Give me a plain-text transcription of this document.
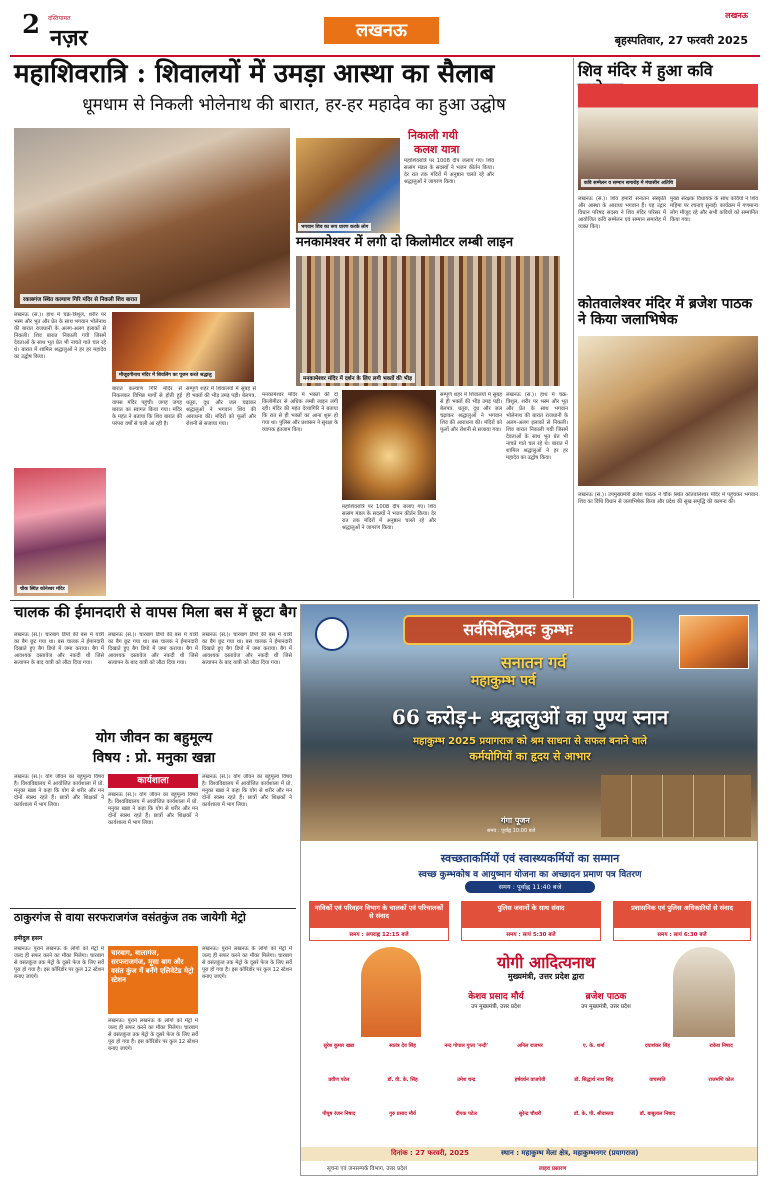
2 दस्तियामत
नज़र	लखनऊ
लखनऊ
बृहस्पतिवार, 27 फरवरी 2025
महाशिवरात्रि : शिवालयों में उमड़ा आस्था का सैलाब
धूमधाम से निकली भोलेनाथ की बारात, हर-हर महादेव का हुआ उद्घोष
रकाबगंज स्थित कल्याण गिरि मंदिर से निकली शिव बारात
भगवान शिव का रूप धारण करके लोग
निकाली गयी
कलश यात्रा
महाशिवरात्रि पर 1008 दीप जलाए गए। शिव सत्संग मंडल के सदस्यों ने भजन कीर्तन किया। देर रात तक मंदिरों में अनुष्ठान चलते रहे और श्रद्धालुओं ने जागरण किया।
मनकामेश्वर में लगी दो किलोमीटर लम्बी लाइन
मनकामेश्वर मंदिर में दर्शन के लिए लगी भक्तों की भीड़
लखनऊ (सं.)। हाथ में चक्र-त्रिशूल, शरीर पर भस्म और भूत और प्रेत के साथ भगवान भोलेनाथ की बारात राजधानी के अलग-अलग इलाकों से निकली। शिव बारात निकाली गयी जिसमें देवताओं के साथ भूत प्रेत भी नाचते गाते चल रहे थे। बारात में शामिल श्रद्धालुओं ने हर हर महादेव का उद्घोष किया।
मौजूदगीनाथ मंदिर में शिवलिंग का पूजन करते श्रद्धालु
बारात कल्याण गिरि मंदिर से निकलकर विभिन्न मार्गों से होती हुई वापस मंदिर पहुंची। जगह जगह बारात का स्वागत किया गया। मंदिर के महंत ने बताया कि शिव बारात की परंपरा वर्षों से चली आ रही है।
सम्पूर्ण शहर में शिवालयों में सुबह से ही भक्तों की भीड़ उमड़ पड़ी। बेलपत्र, धतूरा, दूध और जल चढ़ाकर श्रद्धालुओं ने भगवान शिव की आराधना की। मंदिरों को फूलों और रोशनी से सजाया गया।
चौक स्थित कोनेश्वर मंदिर
मनकामेश्वर मंदिर में भक्तों की दो किलोमीटर से अधिक लम्बी लाइन लगी रही। मंदिर की महंत देव्यागिरि ने बताया कि रात से ही भक्तों का आना शुरू हो गया था। पुलिस और प्रशासन ने सुरक्षा के व्यापक इंतजाम किए।
महाशिवरात्रि पर 1008 दीप जलाए गए। शिव सत्संग मंडल के सदस्यों ने भजन कीर्तन किया। देर रात तक मंदिरों में अनुष्ठान चलते रहे और श्रद्धालुओं ने जागरण किया।
सम्पूर्ण शहर में शिवालयों में सुबह से ही भक्तों की भीड़ उमड़ पड़ी। बेलपत्र, धतूरा, दूध और जल चढ़ाकर श्रद्धालुओं ने भगवान शिव की आराधना की। मंदिरों को फूलों और रोशनी से सजाया गया।
लखनऊ (सं.)। हाथ में चक्र-त्रिशूल, शरीर पर भस्म और भूत और प्रेत के साथ भगवान भोलेनाथ की बारात राजधानी के अलग-अलग इलाकों से निकली। शिव बारात निकाली गयी जिसमें देवताओं के साथ भूत प्रेत भी नाचते गाते चल रहे थे। बारात में शामिल श्रद्धालुओं ने हर हर महादेव का उद्घोष किया।
शिव मंदिर में हुआ कवि
कवि सम्मेलन व सम्मान समारोह में मंचासीन अतिथि
लखनऊ (सं.)। शिव हमारी सनातन संस्कृति और आस्था के आराध्य भगवान हैं। यह उद्गार विधान परिषद सदस्य ने शिव मंदिर परिसर में आयोजित कवि सम्मेलन एवं सम्मान समारोह में व्यक्त किए।
मुख्य संरक्षक विधायक के साथ कवियों ने शिव महिमा पर रचनाएं सुनाईं। कार्यक्रम में गणमान्य लोग मौजूद रहे और सभी कवियों को सम्मानित किया गया।
कोतवालेश्वर मंदिर में ब्रजेश पाठक ने किया जलाभिषेक
लखनऊ (सं.)। उपमुख्यमंत्री ब्रजेश पाठक ने चौक स्थित कोतवालेश्वर मंदिर में पहुंचकर भगवान शिव का विधि विधान से जलाभिषेक किया और प्रदेश की सुख समृद्धि की कामना की।
चालक की ईमानदारी से वापस मिला बस में छूटा बैग
लखनऊ (सं.)। चारबाग डिपो की बस में यात्री का बैग छूट गया था। बस चालक ने ईमानदारी दिखाते हुए बैग डिपो में जमा कराया। बैग में आवश्यक दस्तावेज और नकदी थी जिसे सत्यापन के बाद यात्री को लौटा दिया गया।
लखनऊ (सं.)। चारबाग डिपो की बस में यात्री का बैग छूट गया था। बस चालक ने ईमानदारी दिखाते हुए बैग डिपो में जमा कराया। बैग में आवश्यक दस्तावेज और नकदी थी जिसे सत्यापन के बाद यात्री को लौटा दिया गया।
लखनऊ (सं.)। चारबाग डिपो की बस में यात्री का बैग छूट गया था। बस चालक ने ईमानदारी दिखाते हुए बैग डिपो में जमा कराया। बैग में आवश्यक दस्तावेज और नकदी थी जिसे सत्यापन के बाद यात्री को लौटा दिया गया।
योग जीवन का बहुमूल्य
विषय : प्रो. मनुका खन्ना
लखनऊ (सं.)। योग जीवन का बहुमूल्य विषय है। विश्वविद्यालय में आयोजित कार्यशाला में प्रो. मनुका खन्ना ने कहा कि योग से शरीर और मन दोनों स्वस्थ रहते हैं। छात्रों और शिक्षकों ने कार्यशाला में भाग लिया।
कार्यशाला
लखनऊ (सं.)। योग जीवन का बहुमूल्य विषय है। विश्वविद्यालय में आयोजित कार्यशाला में प्रो. मनुका खन्ना ने कहा कि योग से शरीर और मन दोनों स्वस्थ रहते हैं। छात्रों और शिक्षकों ने कार्यशाला में भाग लिया।
लखनऊ (सं.)। योग जीवन का बहुमूल्य विषय है। विश्वविद्यालय में आयोजित कार्यशाला में प्रो. मनुका खन्ना ने कहा कि योग से शरीर और मन दोनों स्वस्थ रहते हैं। छात्रों और शिक्षकों ने कार्यशाला में भाग लिया।
ठाकुरगंज से वाया सरफराजगंज वसंतकुंज तक जायेगी मेट्रो
हमीदुल हसन
लखनऊ। पुराने लखनऊ के लोगों को मेट्रो में जल्द ही सफर करने का मौका मिलेगा। चारबाग से वसंतकुंज तक मेट्रो के दूसरे फेज के लिए सर्वे पूरा हो गया है। इस कॉरिडोर पर कुल 12 स्टेशन बनाए जाएंगे।
चारबाग, बालागंज, सरफराजगंज, मूसा बाग और वसंत कुंज में बनेंगे एलिवेटेड मेट्रो स्टेशन
लखनऊ। पुराने लखनऊ के लोगों को मेट्रो में जल्द ही सफर करने का मौका मिलेगा। चारबाग से वसंतकुंज तक मेट्रो के दूसरे फेज के लिए सर्वे पूरा हो गया है। इस कॉरिडोर पर कुल 12 स्टेशन बनाए जाएंगे।
लखनऊ। पुराने लखनऊ के लोगों को मेट्रो में जल्द ही सफर करने का मौका मिलेगा। चारबाग से वसंतकुंज तक मेट्रो के दूसरे फेज के लिए सर्वे पूरा हो गया है। इस कॉरिडोर पर कुल 12 स्टेशन बनाए जाएंगे।
सर्वसिद्धिप्रदः कुम्भः
सनातन गर्व
महाकुम्भ पर्व
66 करोड़+ श्रद्धालुओं का पुण्य स्नान
महाकुम्भ 2025 प्रयागराज को श्रम साधना से सफल बनाने वाले
कर्मयोगियों का हृदय से आभार
गंगा पूजन
समय : पूर्वाह्न 10:00 बजे
स्वच्छताकर्मियों एवं स्वास्थ्यकर्मियों का सम्मान
स्वच्छ कुम्भकोष व आयुष्मान योजना का अच्छादन प्रमाण पत्र वितरण
समय : पूर्वाह्न 11:40 बजे
नाविकों एवं परिवहन विभाग के चालकों एवं परिचालकों से संवाद
समय : अपराह्न 12:15 बजे
पुलिस जवानों के साथ संवाद
समय : सायं 5:30 बजे
प्रशासनिक एवं पुलिस अधिकारियों से संवाद
समय : सायं 6:30 बजे
योगी आदित्यनाथ
मुख्यमंत्री, उत्तर प्रदेश द्वारा
केशव प्रसाद मौर्य
उप मुख्यमंत्री, उत्तर प्रदेश
ब्रजेश पाठक
उप मुख्यमंत्री, उत्तर प्रदेश
सुरेश कुमार खन्ना	स्वतंत्र देव सिंह	नन्द गोपाल गुप्ता 'नन्दी'	अनिल राजभर	ए. के. शर्मा	दयाशंकर सिंह	राकेश निषाद
प्रवीण पटेल	डॉ. वी. के. सिंह	उमेश चन्द्र	हर्षवर्धन वाजपेयी	डॉ. सिद्धार्थ नाथ सिंह	वाचस्पति	राजमणि कोल
पीयूष रंजन निषाद	गुरु प्रसाद मौर्य	दीपक पटेल	सुरेन्द्र चौधरी	डॉ. के. पी. श्रीवास्तव	डॉ. बाबूलाल निषाद
दिनांक : 27 फरवरी, 2025	स्थान : महाकुम्भ मेला क्षेत्र, महाकुम्भनगर (प्रयागराज)
सूचना एवं जनसम्पर्क विभाग, उत्तर प्रदेश	लाइव प्रसारण
